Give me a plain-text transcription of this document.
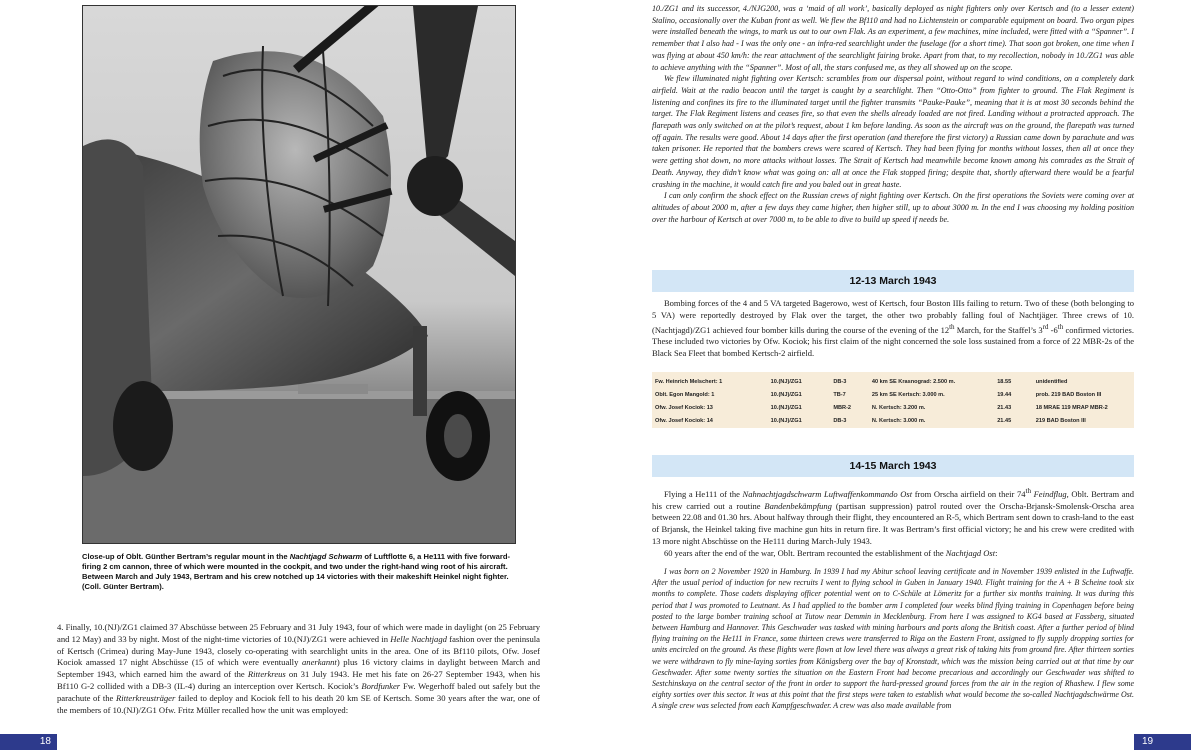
Close-up of Oblt. Günther Bertram’s regular mount in the Nachtjagd Schwarm of Luftflotte 6, a He111 with five forward-firing 2 cm cannon, three of which were mounted in the cockpit, and two under the right-hand wing root of his aircraft. Between March and July 1943, Bertram and his crew notched up 14 victories with their makeshift Heinkel night fighter. (Coll. Günter Bertram).

4. Finally, 10.(NJ)/ZG1 claimed 37 Abschüsse between 25 February and 31 July 1943, four of which were made in daylight (on 25 February and 12 May) and 33 by night. Most of the night-time victories of 10.(NJ)/ZG1 were achieved in Helle Nachtjagd fashion over the peninsula of Kertsch (Crimea) during May-June 1943, closely co-operating with searchlight units in the area. One of its Bf110 pilots, Ofw. Josef Kociok amassed 17 night Abschüsse (15 of which were eventually anerkannt) plus 16 victory claims in daylight between March and September 1943, which earned him the award of the Ritterkreus on 31 July 1943. He met his fate on 26-27 September 1943, when his Bf110 G-2 collided with a DB-3 (IL-4) during an interception over Kertsch. Kociok’s Bordfunker Fw. Wegerhoff baled out safely but the parachute of the Ritterkreusträger failed to deploy and Kociok fell to his death 20 km SE of Kertsch. Some 30 years after the war, one of the members of 10.(NJ)/ZG1 Ofw. Fritz Müller recalled how the unit was employed:

18

10./ZG1 and its successor, 4./NJG200, was a ‘maid of all work’, basically deployed as night fighters only over Kertsch and (to a lesser extent) Stalino, occasionally over the Kuban front as well. We flew the Bf110 and had no Lichtenstein or comparable equipment on board. Two organ pipes were installed beneath the wings, to mark us out to our own Flak. As an experiment, a few machines, mine included, were fitted with a “Spanner”. I remember that I also had - I was the only one - an infra-red searchlight under the fuselage (for a short time). That soon got broken, one time when I was flying at about 450 km/h: the rear attachment of the searchlight fairing broke. Apart from that, to my recollection, nobody in 10./ZG1 was able to achieve anything with the “Spanner”. Most of all, the stars confused me, as they all showed up on the scope.

We flew illuminated night fighting over Kertsch: scrambles from our dispersal point, without regard to wind conditions, on a completely dark airfield. Wait at the radio beacon until the target is caught by a searchlight. Then “Otto-Otto” from fighter to ground. The Flak Regiment is listening and confines its fire to the illuminated target until the fighter transmits “Pauke-Pauke”, meaning that it is at most 30 seconds behind the target. The Flak Regiment listens and ceases fire, so that even the shells already loaded are not fired. Landing without a protracted approach. The flarepath was only switched on at the pilot’s request, about 1 km before landing. As soon as the aircraft was on the ground, the flarepath was turned off again. The results were good. About 14 days after the first operation (and therefore the first victory) a Russian came down by parachute and was taken prisoner. He reported that the bombers crews were scared of Kertsch. They had been flying for months without losses, then all at once they were getting shot down, no more attacks without losses. The Strait of Kertsch had meanwhile become known among his comrades as the Strait of Death. Anyway, they didn’t know what was going on: all at once the Flak stopped firing; despite that, shortly afterward there would be a fearful crashing in the machine, it would catch fire and you baled out in great haste.

I can only confirm the shock effect on the Russian crews of night fighting over Kertsch. On the first operations the Soviets were coming over at altitudes of about 2000 m, after a few days they came higher, then higher still, up to about 3000 m. In the end I was choosing my holding position over the harbour of Kertsch at over 7000 m, to be able to dive to build up speed if needs be.

12-13 March 1943

Bombing forces of the 4 and 5 VA targeted Bagerowo, west of Kertsch, four Boston IIIs failing to return. Two of these (both belonging to 5 VA) were reportedly destroyed by Flak over the target, the other two probably falling foul of Nachtjäger. Three crews of 10.(Nachtjagd)/ZG1 achieved four bomber kills during the course of the evening of the 12th March, for the Staffel’s 3rd -6th confirmed victories. These included two victories by Ofw. Kociok; his first claim of the night concerned the sole loss sustained from a force of 22 MBR-2s of the Black Sea Fleet that bombed Kertsch-2 airfield.

Fw. Heinrich Melschert: 1	10.(NJ)/ZG1	DB-3	40 km SE Krasnograd: 2.500 m.	18.55	unidentified
Oblt. Egon Mangold: 1	10.(NJ)/ZG1	TB-7	25 km SE Kertsch: 3.000 m.	19.44	prob. 219 BAD Boston III
Ofw. Josef Kociok: 13	10.(NJ)/ZG1	MBR-2	N. Kertsch: 3.200 m.	21.43	18 MRAE 119 MRAP MBR-2
Ofw. Josef Kociok: 14	10.(NJ)/ZG1	DB-3	N. Kertsch: 3.000 m.	21.45	219 BAD Boston III
14-15 March 1943

Flying a He111 of the Nahnachtjagdschwarm Luftwaffenkommando Ost from Orscha airfield on their 74th Feindflug, Oblt. Bertram and his crew carried out a routine Bandenbekämpfung (partisan suppression) patrol routed over the Orscha-Brjansk-Smolensk-Orscha area between 22.08 and 01.30 hrs. About halfway through their flight, they encountered an R-5, which Bertram sent down to crash-land to the east of Brjansk, the Heinkel taking five machine gun hits in return fire. It was Bertram’s first official victory; he and his crew were credited with 13 more night Abschüsse on the He111 during March-July 1943.

60 years after the end of the war, Oblt. Bertram recounted the establishment of the Nachtjagd Ost:

I was born on 2 November 1920 in Hamburg. In 1939 I had my Abitur school leaving certificate and in November 1939 enlisted in the Luftwaffe. After the usual period of induction for new recruits I went to flying school in Guben in January 1940. Flight training for the A + B Scheine took six months to complete. Those cadets displaying officer potential went on to C-Schüle at Lömeritz for a further six months training. It was during this period that I was promoted to Leutnant. As I had applied to the bomber arm I completed four weeks blind flying training in Copenhagen before being posted to the large bomber training school at Tutow near Demmin in Mecklenburg. From here I was assigned to KG4 based at Fassberg, situated between Hamburg and Hannover. This Geschwader was tasked with mining harbours and ports along the British coast. After a further period of blind flying training on the He111 in France, some thirteen crews were transferred to Riga on the Eastern Front, assigned to fly supply dropping sorties for units encircled on the ground. As these flights were flown at low level there was always a great risk of taking hits from ground fire. After thirteen sorties we were withdrawn to fly mine-laying sorties from Königsberg over the bay of Kronstadt, which was the mission being carried out at that time by our Geschwader. After some twenty sorties the situation on the Eastern Front had become precarious and accordingly our Geschwader was shifted to Sestchinskaya on the central sector of the front in order to support the hard-pressed ground forces from the air in the region of Rhashew. I flew some eighty sorties over this sector. It was at this point that the first steps were taken to establish what would become the so-called Nachtjagdschwärme Ost. A single crew was selected from each Kampfgeschwader. A crew was also made available from

19
